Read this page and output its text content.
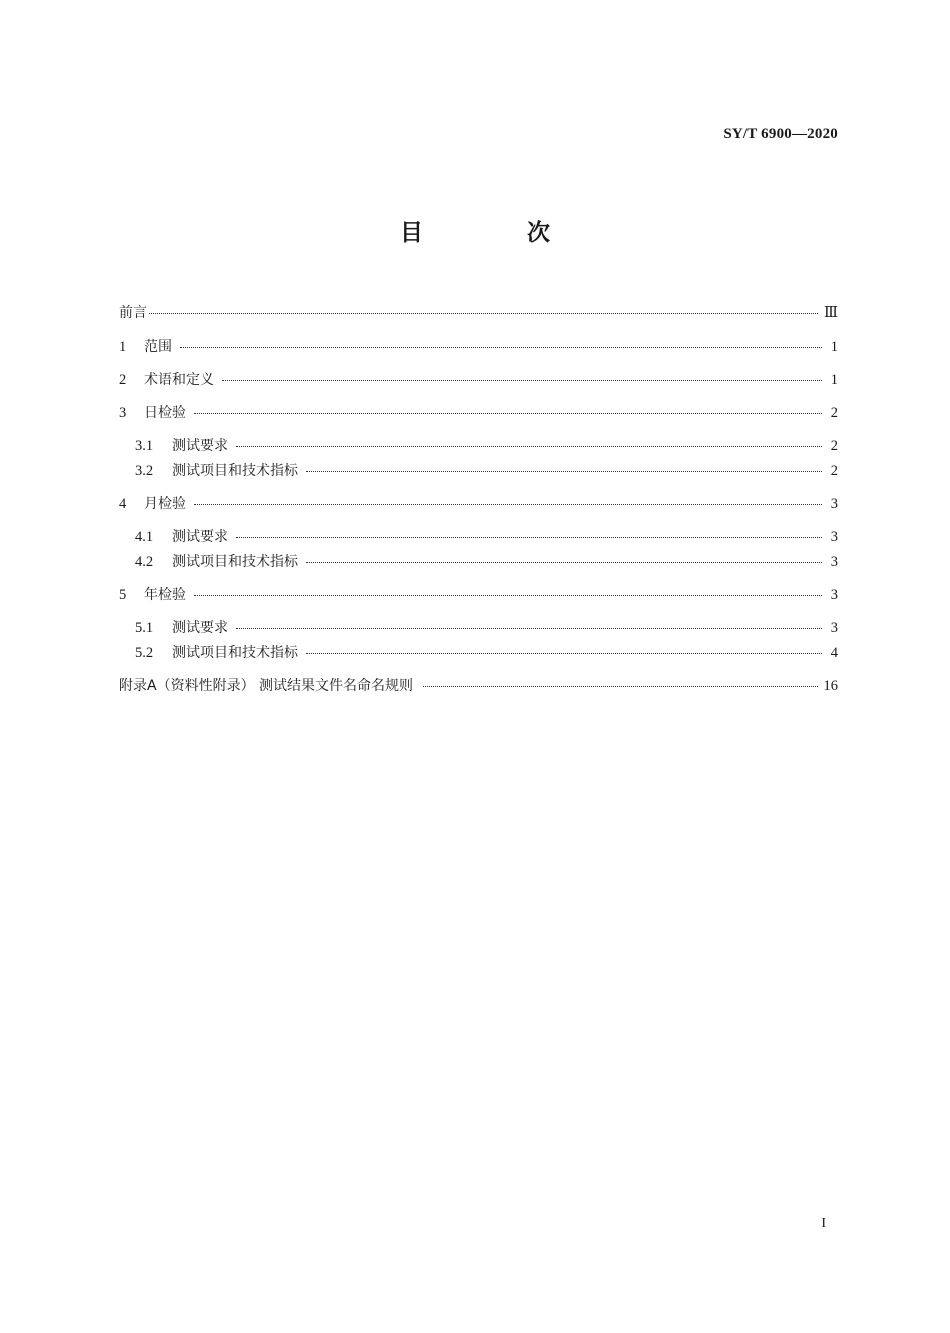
SY/T 6900—2020
目 次
前言	Ⅲ
1	范围	1
2	术语和定义	1
3	日检验	2
3.1	测试要求	2
3.2	测试项目和技术指标	2
4	月检验	3
4.1	测试要求	3
4.2	测试项目和技术指标	3
5	年检验	3
5.1	测试要求	3
5.2	测试项目和技术指标	4
附录A（资料性附录） 测试结果文件名命名规则	16
I
